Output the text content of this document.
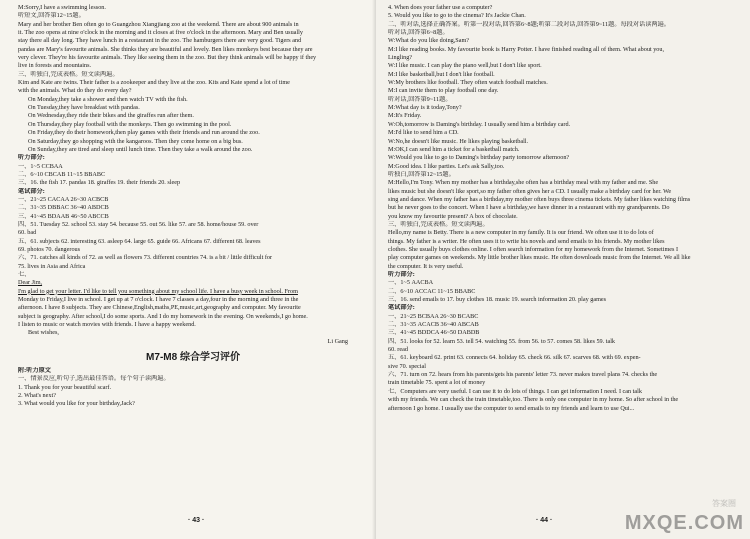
M:Sorry,I have a swimming lesson.
听短文,回答第12~15题。
Mary and her brother Ben often go to Guangzhou Xiangjiang zoo at the weekend. There are about 900 animals in
it. The zoo opens at nine o'clock in the morning and it closes at five o'clock in the afternoon. Mary and Ben usually
stay there all day long. They have lunch in a restaurant in the zoo. The hamburgers there are very good. Tigers and
pandas are Mary's favourite animals. She thinks they are beautiful and lovely. Ben likes monkeys best because they are
very clever. They're his favourite animals. They like seeing them in the zoo. But they think animals will be happy if they
live in forests and mountains.
三、听独白,完成表格。短文读两遍。
Kim and Kate are twins. Their father is a zookeeper and they live at the zoo. Kits and Kate spend a lot of time
with the animals. What do they do every day?
On Monday,they take a shower and then watch TV with the fish.
On Tuesday,they have breakfast with pandas.
On Wednesday,they ride their bikes and the giraffes run after them.
On Thursday,they play football with the monkeys. Then go swimming in the pool.
On Friday,they do their homework,then play games with their friends and run around the zoo.
On Saturday,they go shopping with the kangaroos. Then they come home on a big bus.
On Sunday,they are tired and sleep until lunch time. Then they take a walk around the zoo.
听力部分:
一、1~5 CCBAA
二、6~10 CBCAB 11~15 BBABC
三、16. the fish 17. pandas 18. giraffes 19. their friends 20. sleep
笔试部分:
一、21~25 CACAA 26~30 ACBCB
二、31~35 DBBAC 36~40 ABDCB
三、41~45 BDAAB 46~50 ABCCB
四、51. Tuesday 52. school 53. stay 54. because 55. out 56. like 57. are 58. home/house 59. over
60. bad
五、61. subjects 62. interesting 63. asleep 64. large 65. guide 66. Africans 67. different 68. leaves
69. photos 70. dangerous
六、71. catches all kinds of 72. as well as flowers 73. different countries 74. is a bit / little difficult for
75. lives in Asia and Africa
七、
Dear Jim,
I'm glad to get your letter. I'd like to tell you something about my school life. I have a busy week in school. From
Monday to Friday,I live in school. I get up at 7 o'clock. I have 7 classes a day,four in the morning and three in the
afternoon. I have 8 subjects. They are Chinese,English,maths,PE,music,art,geography and computer. My favourite
subject is geography. After school,I do some sports. And I do my homework in the evening. On weekends,I go home.
I listen to music or watch movies with friends. I have a happy weekend.
Best wishes,
Li Gang
M7-M8 综合学习评价
附:听力原文
一、情景反应,听句子,选出最佳答语。每个句子读两遍。
1. Thank you for your beautiful scarf.
2. What's next?
3. What would you like for your birthday,Jack?
· 43 ·
4. When does your father use a computer?
5. Would you like to go to the cinema? It's Jackie Chan.
二、听对话,选择正确答案。听第一段对话,回答第6~8题;听第二段对话,回答第9~11题。每段对话读两遍。
听对话,回答第6~8题。
W:What do you like doing,Sam?
M:I like reading books. My favourite book is Harry Potter. I have finished reading all of them. What about you,
Lingling?
W:I like music. I can play the piano well,but I don't like sport.
M:I like basketball,but I don't like football.
W:My brothers like football. They often watch football matches.
M:I can invite them to play football one day.
听对话,回答第9~11题。
M:What day is it today,Tony?
M:It's Friday.
W:Oh,tomorrow is Daming's birthday. I usually send him a birthday card.
M:I'd like to send him a CD.
W:No,he doesn't like music. He likes playing basketball.
M:OK,I can send him a ticket for a basketball match.
W:Would you like to go to Daming's birthday party tomorrow afternoon?
M:Good idea. I like parties. Let's ask Sally,too.
听独白,回答第12~15题。
M:Hello,I'm Tony. When my mother has a birthday,she often has a birthday meal with my father and me. She
likes music but she doesn't like sport,so my father often gives her a CD. I usually make a birthday card for her. We
sing and dance. When my father has a birthday,my mother often buys three cinema tickets. My father likes watching films
but he never goes to the concert. When I have a birthday,we have dinner in a restaurant with my grandparents. Do
you know my favourite present? A box of chocolate.
三、听独白,完成表格。短文读两遍。
Hello,my name is Betty. There is a new computer in my family. It is our friend. We often use it to do lots of
things. My father is a writer. He often uses it to write his novels and send emails to his friends. My mother likes
clothes. She usually buys clothes online. I often search information for my homework from the Internet. Sometimes I
play computer games on weekends. My little brother likes music. He often downloads music from the Internet. We all like
the computer. It is very useful.
听力部分:
一、1~5 AACBA
二、6~10 ACCAC 11~15 BBABC
三、16. send emails to 17. buy clothes 18. music 19. search information 20. play games
笔试部分:
一、21~25 BCBAA 26~30 BCABC
二、31~35 ACACB 36~40 ABCAB
三、41~45 BDDCA 46~50 DABDB
四、51. looks for 52. learn 53. tell 54. watching 55. from 56. to 57. comes 58. likes 59. talk
60. read
五、61. keyboard 62. print 63. connects 64. holiday 65. check 66. silk 67. scarves 68. with 69. expen-
sive 70. special
六、71. turn on 72. hears from his parents/gets his parents' letter 73. never makes travel plans 74. checks the
train timetable 75. spent a lot of money
七、Computers are very useful. I can use it to do lots of things. I can get information I need. I can talk
with my friends. We can check the train timetable,too. There is only one computer in my home. So after school in the
afternoon I go home. I usually use the computer to send emails to my friends and learn to use Qui...
· 44 ·
答案圈
MXQE.COM
